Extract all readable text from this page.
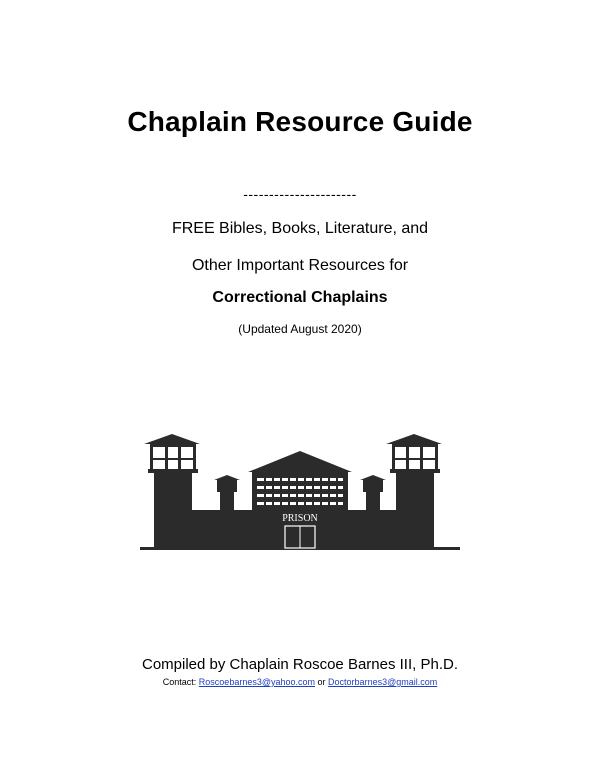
Chaplain Resource Guide
----------------------
FREE Bibles, Books, Literature, and
Other Important Resources for
Correctional Chaplains
(Updated August 2020)
PRISON
Compiled by Chaplain Roscoe Barnes III, Ph.D.
Contact: Roscoebarnes3@yahoo.com or Doctorbarnes3@gmail.com
